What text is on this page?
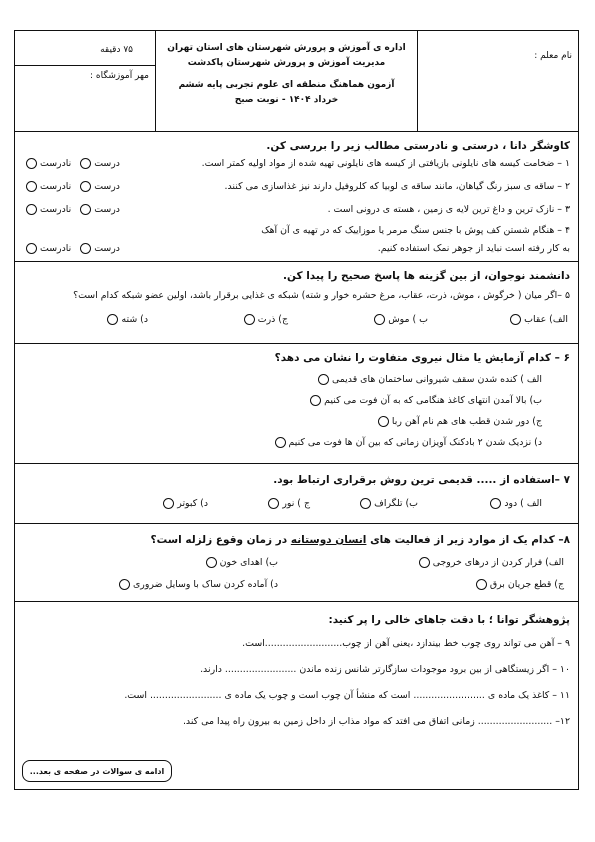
نام معلم :
اداره ی آموزش و پرورش شهرستان های استان تهران
مدیریت آموزش و پرورش شهرستان پاکدشت
آزمون هماهنگ منطقه ای علوم تجربی پایه ششم
خرداد ۱۴۰۴ - نوبت صبح
۷۵ دقیقه
مهر آموزشگاه :
کاوشگر دانا ، درستی و نادرستی مطالب زیر را بررسی کن.
۱ – ضخامت کیسه های نایلونی بازیافتی از کیسه های نایلونی تهیه شده از مواد اولیه کمتر است.
درست  نادرست
۲ – ساقه ی سبز رنگ گیاهان، مانند ساقه ی لوبیا که کلروفیل دارند نیز غذاسازی می کنند.
درست  نادرست
۳ – نازک ترین و داغ ترین لایه ی زمین ، هسته ی درونی است .
درست  نادرست
۴ – هنگام شستن کف پوش با جنس سنگ مرمر یا موزاییک که در تهیه ی آن آهک
به کار رفته است نباید از جوهر نمک استفاده کنیم.
درست  نادرست
دانشمند نوجوان، از بین گزینه ها پاسخ صحیح را پیدا کن.
۵ –اگر میان ( خرگوش ، موش، ذرت، عقاب، مرغ حشره خوار و شته) شبکه ی غذایی برقرار باشد، اولین عضو شبکه کدام است؟
الف) عقاب
ب ) موش
ج) ذرت
د) شته
۶ – کدام آزمایش یا مثال نیروی متفاوت را نشان می دهد؟
الف ) کنده شدن سقف شیروانی ساختمان های قدیمی
ب) بالا آمدن انتهای کاغذ هنگامی که به آن فوت می کنیم
ج) دور شدن قطب های هم نام آهن ربا
د) نزدیک شدن ۲ بادکنک آویزان زمانی که بین آن ها فوت می کنیم
۷ –استفاده از ..... قدیمی ترین روش برقراری ارتباط بود.
الف ) دود
ب) تلگراف
ج ) نور
د) کبوتر
۸– کدام یک از موارد زیر از فعالیت های انسان دوستانه در زمان وقوع زلزله است؟
الف) فرار کردن از درهای خروجی
ب) اهدای خون
ج) قطع جریان برق
د) آماده کردن ساک با وسایل ضروری
پژوهشگر توانا ؛ با دقت جاهای خالی را پر کنید:
۹ – آهن می تواند روی چوب خط بیندازد ،یعنی آهن از چوب..........................است.
۱۰ – اگر زیستگاهی از بین برود موجودات سازگارتر شانس زنده ماندن ........................ دارند.
۱۱ – کاغذ یک ماده ی ........................ است که منشأ آن چوب است و چوب یک ماده ی ........................ است.
۱۲– ......................... زمانی اتفاق می افتد که مواد مذاب از داخل زمین به بیرون راه پیدا می کند.
ادامه ی سوالات در صفحه ی بعد...
